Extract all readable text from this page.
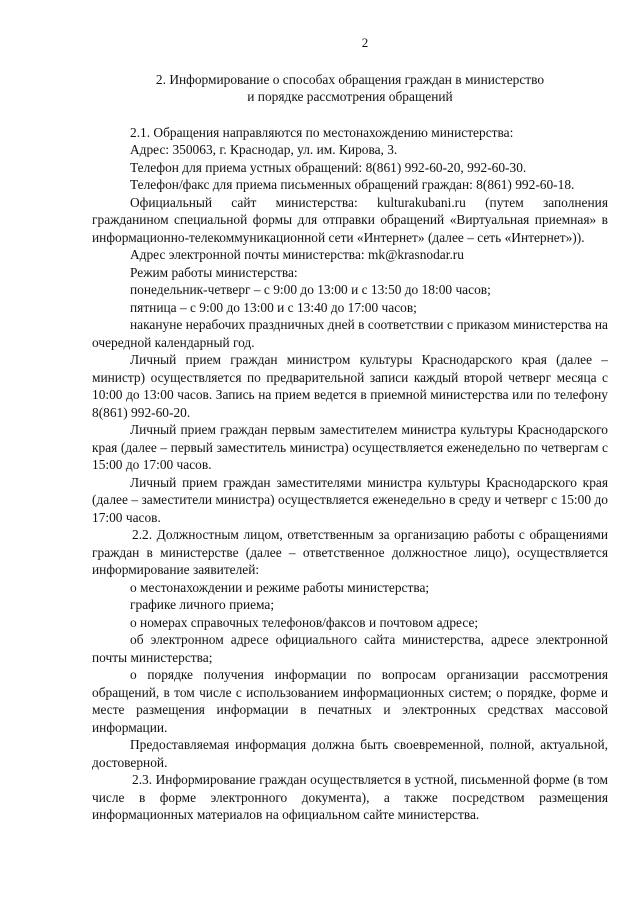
2
2. Информирование о способах обращения граждан в министерство
и порядке рассмотрения обращений

2.1. Обращения направляются по местонахождению министерства:

Адрес: 350063, г. Краснодар, ул. им. Кирова, 3.

Телефон для приема устных обращений: 8(861) 992-60-20, 992-60-30.

Телефон/факс для приема письменных обращений граждан: 8(861) 992-60-18.

Официальный сайт министерства: kulturakubani.ru (путем заполнения гражданином специальной формы для отправки обращений «Виртуальная приемная» в информационно-телекоммуникационной сети «Интернет» (далее – сеть «Интернет»)).

Адрес электронной почты министерства: mk@krasnodar.ru

Режим работы министерства:

понедельник-четверг – с 9:00 до 13:00 и с 13:50 до 18:00 часов;

пятница – с 9:00 до 13:00 и с 13:40 до 17:00 часов;

накануне нерабочих праздничных дней в соответствии с приказом министерства на очередной календарный год.

Личный прием граждан министром культуры Краснодарского края (далее – министр) осуществляется по предварительной записи каждый второй четверг месяца с 10:00 до 13:00 часов. Запись на прием ведется в приемной министерства или по телефону 8(861) 992-60-20.

Личный прием граждан первым заместителем министра культуры Краснодарского края (далее – первый заместитель министра) осуществляется еженедельно по четвергам с 15:00 до 17:00 часов.

Личный прием граждан заместителями министра культуры Краснодарского края (далее – заместители министра) осуществляется еженедельно в среду и четверг с 15:00 до 17:00 часов.

2.2. Должностным лицом, ответственным за организацию работы с обращениями граждан в министерстве (далее – ответственное должностное лицо), осуществляется информирование заявителей:

о местонахождении и режиме работы министерства;

графике личного приема;

о номерах справочных телефонов/факсов и почтовом адресе;

об электронном адресе официального сайта министерства, адресе электронной почты министерства;

о порядке получения информации по вопросам организации рассмотрения обращений, в том числе с использованием информационных систем; о порядке, форме и месте размещения информации в печатных и электронных средствах массовой информации.

Предоставляемая информация должна быть своевременной, полной, актуальной, достоверной.

2.3. Информирование граждан осуществляется в устной, письменной форме (в том числе в форме электронного документа), а также посредством размещения информационных материалов на официальном сайте министерства.
